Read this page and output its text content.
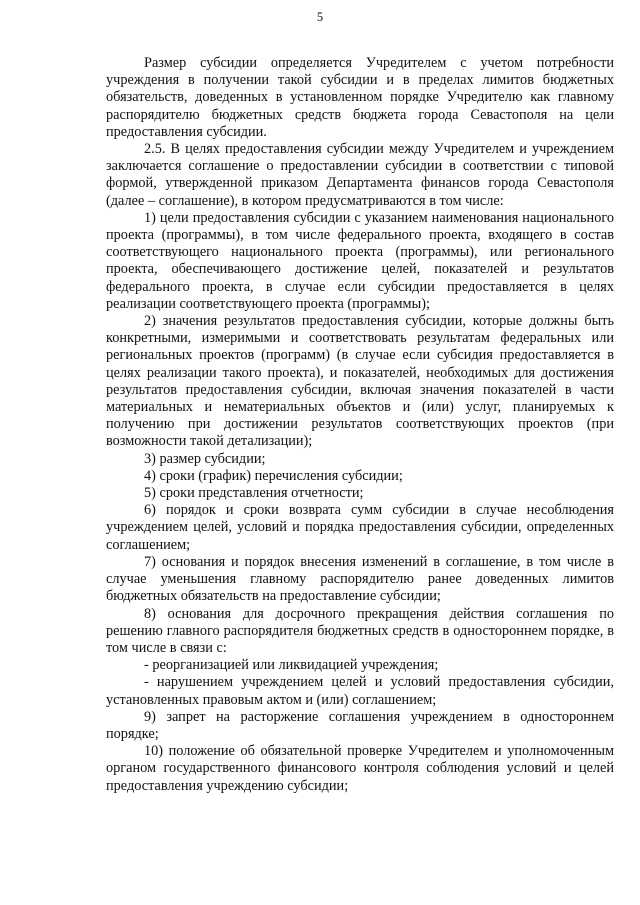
5

Размер субсидии определяется Учредителем с учетом потребности учреждения в получении такой субсидии и в пределах лимитов бюджетных обязательств, доведенных в установленном порядке Учредителю как главному распорядителю бюджетных средств бюджета города Севастополя на цели предоставления субсидии.

2.5. В целях предоставления субсидии между Учредителем и учреждением заключается соглашение о предоставлении субсидии в соответствии с типовой формой, утвержденной приказом Департамента финансов города Севастополя (далее – соглашение), в котором предусматриваются в том числе:

1) цели предоставления субсидии с указанием наименования национального проекта (программы), в том числе федерального проекта, входящего в состав соответствующего национального проекта (программы), или регионального проекта, обеспечивающего достижение целей, показателей и результатов федерального проекта, в случае если субсидии предоставляется в целях реализации соответствующего проекта (программы);

2) значения результатов предоставления субсидии, которые должны быть конкретными, измеримыми и соответствовать результатам федеральных или региональных проектов (программ) (в случае если субсидия предоставляется в целях реализации такого проекта), и показателей, необходимых для достижения результатов предоставления субсидии, включая значения показателей в части материальных и нематериальных объектов и (или) услуг, планируемых к получению при достижении результатов соответствующих проектов (при возможности такой детализации);

3) размер субсидии;

4) сроки (график) перечисления субсидии;

5) сроки представления отчетности;

6) порядок и сроки возврата сумм субсидии в случае несоблюдения учреждением целей, условий и порядка предоставления субсидии, определенных соглашением;

7) основания и порядок внесения изменений в соглашение, в том числе в случае уменьшения главному распорядителю ранее доведенных лимитов бюджетных обязательств на предоставление субсидии;

8) основания для досрочного прекращения действия соглашения по решению главного распорядителя бюджетных средств в одностороннем порядке, в том числе в связи с:

- реорганизацией или ликвидацией учреждения;

- нарушением учреждением целей и условий предоставления субсидии, установленных правовым актом и (или) соглашением;

9) запрет на расторжение соглашения учреждением в одностороннем порядке;

10) положение об обязательной проверке Учредителем и уполномоченным органом государственного финансового контроля соблюдения условий и целей предоставления учреждению субсидии;
